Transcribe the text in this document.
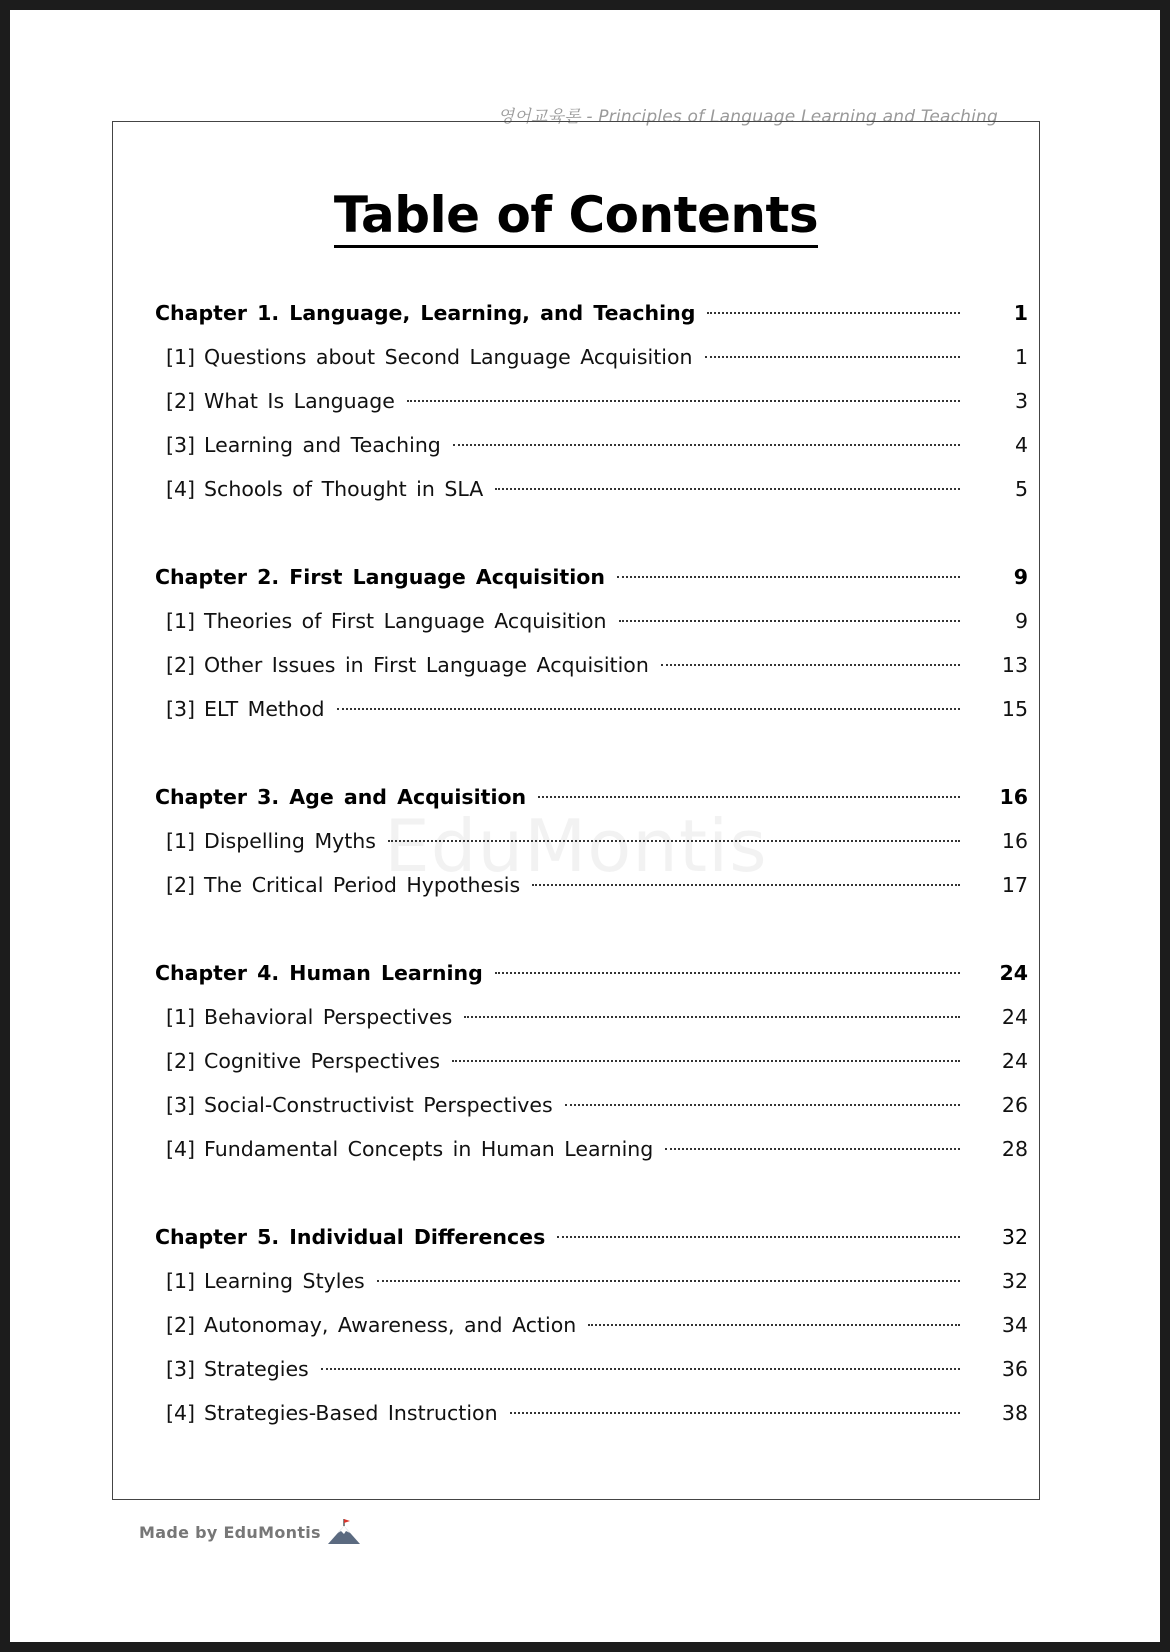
영어교육론 - Principles of Language Learning and Teaching
Table of Contents
EduMontis
Chapter 1. Language, Learning, and Teaching	1
[1] Questions about Second Language Acquisition	1
[2] What Is Language	3
[3] Learning and Teaching	4
[4] Schools of Thought in SLA	5
Chapter 2. First Language Acquisition	9
[1] Theories of First Language Acquisition	9
[2] Other Issues in First Language Acquisition	13
[3] ELT Method	15
Chapter 3. Age and Acquisition	16
[1] Dispelling Myths	16
[2] The Critical Period Hypothesis	17
Chapter 4. Human Learning	24
[1] Behavioral Perspectives	24
[2] Cognitive Perspectives	24
[3] Social-Constructivist Perspectives	26
[4] Fundamental Concepts in Human Learning	28
Chapter 5. Individual Differences	32
[1] Learning Styles	32
[2] Autonomay, Awareness, and Action	34
[3] Strategies	36
[4] Strategies-Based Instruction	38
Made by EduMontis
